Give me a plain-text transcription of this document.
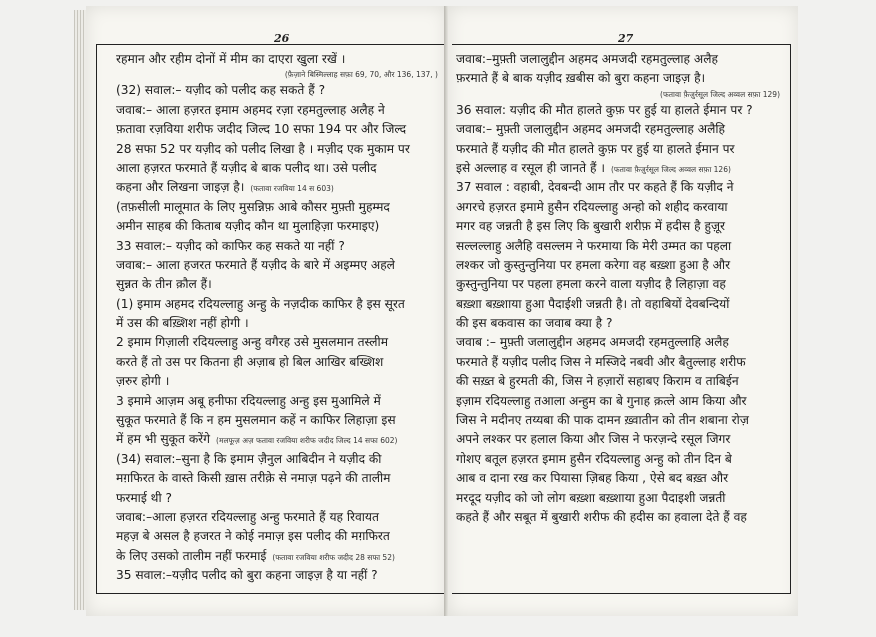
26
रहमान और रहीम दोनों में मीम का दाएरा खुला रखें ।
(फ़ैज़ाने बिस्मिल्लाह सफ़ा 69, 70, और 136, 137, )
(32) सवाल:– यज़ीद को पलीद कह सकते हैं ?
जवाब:– आला हज़रत इमाम अहमद रज़ा रहमतुल्लाह अलैह ने
फ़तावा रज़विया शरीफ जदीद जिल्द 10 सफा 194 पर और जिल्द
28 सफा 52 पर यज़ीद को पलीद लिखा है । मज़ीद एक मुकाम पर
आला हज़रत फरमाते हैं यज़ीद बे बाक पलीद था। उसे पलीद
कहना और लिखना जाइज़ है। (फतावा रजविया 14 स 603)
(तफ़सीली मालूमात के लिए मुसन्निफ़ आबे कौसर मुफ़्ती मुहम्मद
अमीन साहब की किताब यज़ीद कौन था मुलाहिज़ा फरमाइए)
33 सवाल:– यज़ीद को काफिर कह सकते या नहीं ?
जवाब:– आला हजरत फरमाते हैं यज़ीद के बारे में अइम्मए अहले
सुन्नत के तीन क़ौल हैं।
(1) इमाम अहमद रदियल्लाहु अन्हु के नज़दीक काफिर है इस सूरत
में उस की बख़्शिश नहीं होगी ।
2 इमाम गिज़ाली रदियल्लाहु अन्हु वगैरह उसे मुसलमान तस्लीम
करते हैं तो उस पर कितना ही अज़ाब हो बिल आखिर बख्शिश
ज़रुर होगी ।
3 इमामे आज़म अबू हनीफा रदियल्लाहु अन्हु इस मुआमिले में
सुकूत फरमाते हैं कि न हम मुसलमान कहें न काफिर लिहाज़ा इस
में हम भी सुकूत करेंगे (मलफूज़ अज़ फतावा रजविया शरीफ जदीद जिल्द 14 सफा 602)
(34) सवाल:–सुना है कि इमाम ज़ैनुल आबिदीन ने यज़ीद की
मग़फिरत के वास्ते किसी ख़ास तरीक़े से नमाज़ पढ़ने की तालीम
फरमाई थी ?
जवाब:–आला हज़रत रदियल्लाहु अन्हु फरमाते हैं यह रिवायत
महज़ बे असल है हजरत ने कोई नमाज़ इस पलीद की मग़फिरत
के लिए उसको तालीम नहीं फरमाई (फतावा रजविया शरीफ जदीद 28 सफा 52)
35 सवाल:–यज़ीद पलीद को बुरा कहना जाइज़ है या नहीं ?
27
जवाब:–मुफ़्ती जलालुद्दीन अहमद अमजदी रहमतुल्लाह अलैह
फ़रमाते हैं बे बाक यज़ीद ख़बीस को बुरा कहना जाइज़ है।
(फतावा फ़ैज़ुर्रसूल जिल्द अव्वल सफ़ा 129)
36 सवाल: यज़ीद की मौत हालते कुफ़ पर हुई या हालते ईमान पर ?
जवाब:– मुफ़्ती जलालुद्दीन अहमद अमजदी रहमतुल्लाह अलैहि
फरमाते हैं यज़ीद की मौत हालते कुफ़ पर हुई या हालते ईमान पर
इसे अल्लाह व रसूल ही जानते हैं । (फतावा फ़ैज़ुर्रसूल जिल्द अव्वल सफ़ा 126)
37 सवाल : वहाबी, देवबन्दी आम तौर पर कहते हैं कि यज़ीद ने
अगरचे हज़रत इमामे हुसैन रदियल्लाहु अन्हो को शहीद करवाया
मगर वह जन्नती है इस लिए कि बुखारी शरीफ़ में हदीस है हुज़ूर
सल्लल्लाहु अलैहि वसल्लम ने फरमाया कि मेरी उम्मत का पहला
लश्कर जो कुस्तुन्तुनिया पर हमला करेगा वह बख़्शा हुआ है और
कुस्तुन्तुनिया पर पहला हमला करने वाला यज़ीद है लिहाज़ा वह
बख़्शा बख़्शाया हुआ पैदाईशी जन्नती है। तो वहाबियों देवबन्दियों
की इस बकवास का जवाब क्या है ?
जवाब :– मुफ़्ती जलालुद्दीन अहमद अमजदी रहमतुल्लाहि अलैह
फरमाते हैं यज़ीद पलीद जिस ने मस्जिदे नबवी और बैतुल्लाह शरीफ
की सख़्त बे हुरमती की, जिस ने हज़ारों सहाबए किराम व ताबिईन
इज़ाम रदियल्लाहु तआला अन्हुम का बे गुनाह क़त्ले आम किया और
जिस ने मदीनए तय्यबा की पाक दामन ख़्वातीन को तीन शबाना रोज़
अपने लश्कर पर हलाल किया और जिस ने फरज़न्दे रसूल जिगर
गोशए बतूल हज़रत इमाम हुसैन रदियल्लाहु अन्हु को तीन दिन बे
आब व दाना रख कर पियासा ज़िबह किया , ऐसे बद बख़्त और
मरदूद यज़ीद को जो लोग बख़्शा बख़्शाया हुआ पैदाइशी जन्नती
कहते हैं और सबूत में बुखारी शरीफ की हदीस का हवाला देते हैं वह
